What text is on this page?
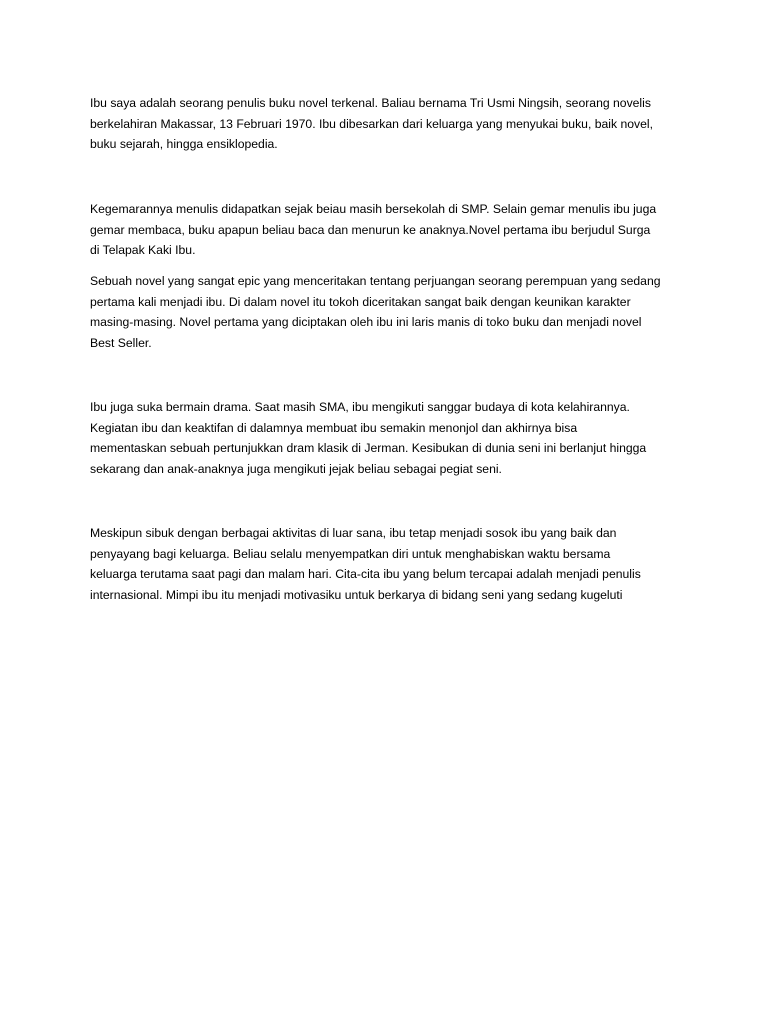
Ibu saya adalah seorang penulis buku novel terkenal. Baliau bernama Tri Usmi Ningsih, seorang novelis
berkelahiran Makassar, 13 Februari 1970. Ibu dibesarkan dari keluarga yang menyukai buku, baik novel,
buku sejarah, hingga ensiklopedia.

Kegemarannya menulis didapatkan sejak beiau masih bersekolah di SMP. Selain gemar menulis ibu juga
gemar membaca, buku apapun beliau baca dan menurun ke anaknya.Novel pertama ibu berjudul Surga
di Telapak Kaki Ibu.

Sebuah novel yang sangat epic yang menceritakan tentang perjuangan seorang perempuan yang sedang
pertama kali menjadi ibu. Di dalam novel itu tokoh diceritakan sangat baik dengan keunikan karakter
masing-masing. Novel pertama yang diciptakan oleh ibu ini laris manis di toko buku dan menjadi novel
Best Seller.

Ibu juga suka bermain drama. Saat masih SMA, ibu mengikuti sanggar budaya di kota kelahirannya.
Kegiatan ibu dan keaktifan di dalamnya membuat ibu semakin menonjol dan akhirnya bisa
mementaskan sebuah pertunjukkan dram klasik di Jerman. Kesibukan di dunia seni ini berlanjut hingga
sekarang dan anak-anaknya juga mengikuti jejak beliau sebagai pegiat seni.

Meskipun sibuk dengan berbagai aktivitas di luar sana, ibu tetap menjadi sosok ibu yang baik dan
penyayang bagi keluarga. Beliau selalu menyempatkan diri untuk menghabiskan waktu bersama
keluarga terutama saat pagi dan malam hari. Cita-cita ibu yang belum tercapai adalah menjadi penulis
internasional. Mimpi ibu itu menjadi motivasiku untuk berkarya di bidang seni yang sedang kugeluti
